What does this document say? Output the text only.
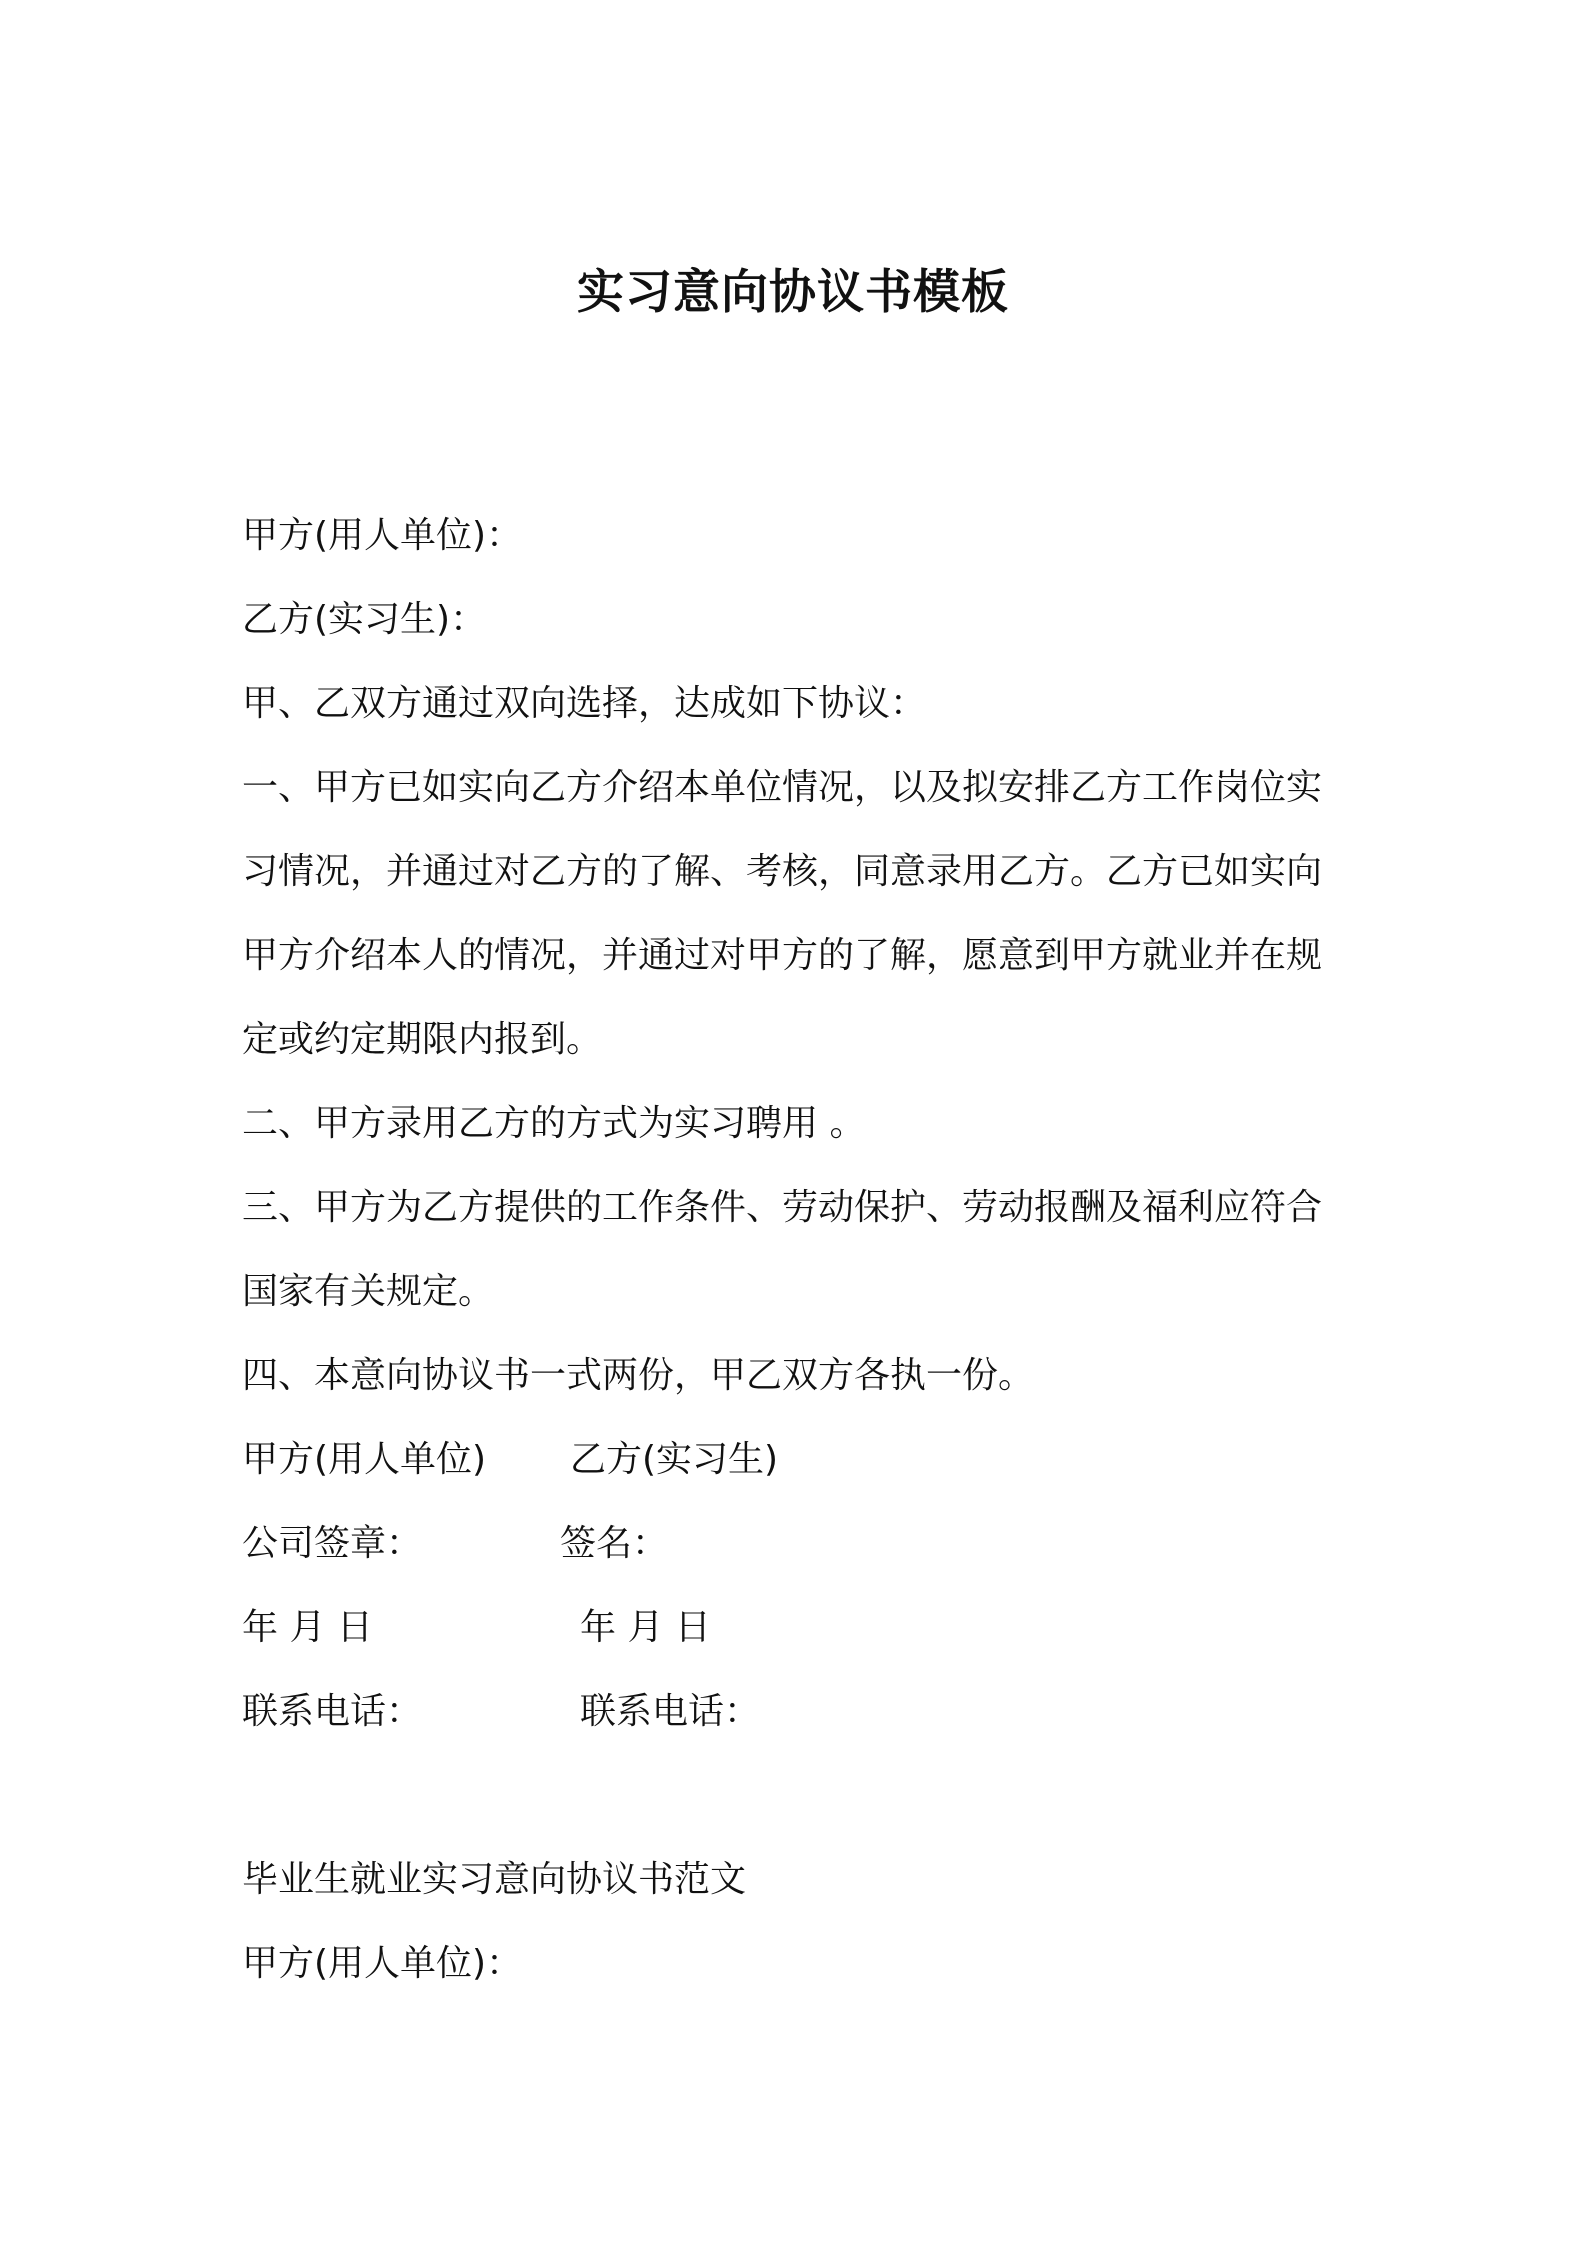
实习意向协议书模板
甲方(用人单位)：
乙方(实习生)：
甲、乙双方通过双向选择，达成如下协议：
一、甲方已如实向乙方介绍本单位情况，以及拟安排乙方工作岗位实
习情况，并通过对乙方的了解、考核，同意录用乙方。乙方已如实向
甲方介绍本人的情况，并通过对甲方的了解，愿意到甲方就业并在规
定或约定期限内报到。
二、甲方录用乙方的方式为实习聘用 。
三、甲方为乙方提供的工作条件、劳动保护、劳动报酬及福利应符合
国家有关规定。
四、本意向协议书一式两份，甲乙双方各执一份。
甲方(用人单位) 乙方(实习生)
公司签章：	签名：
年 月 日	年 月 日
联系电话：	联系电话：
毕业生就业实习意向协议书范文
甲方(用人单位)：
